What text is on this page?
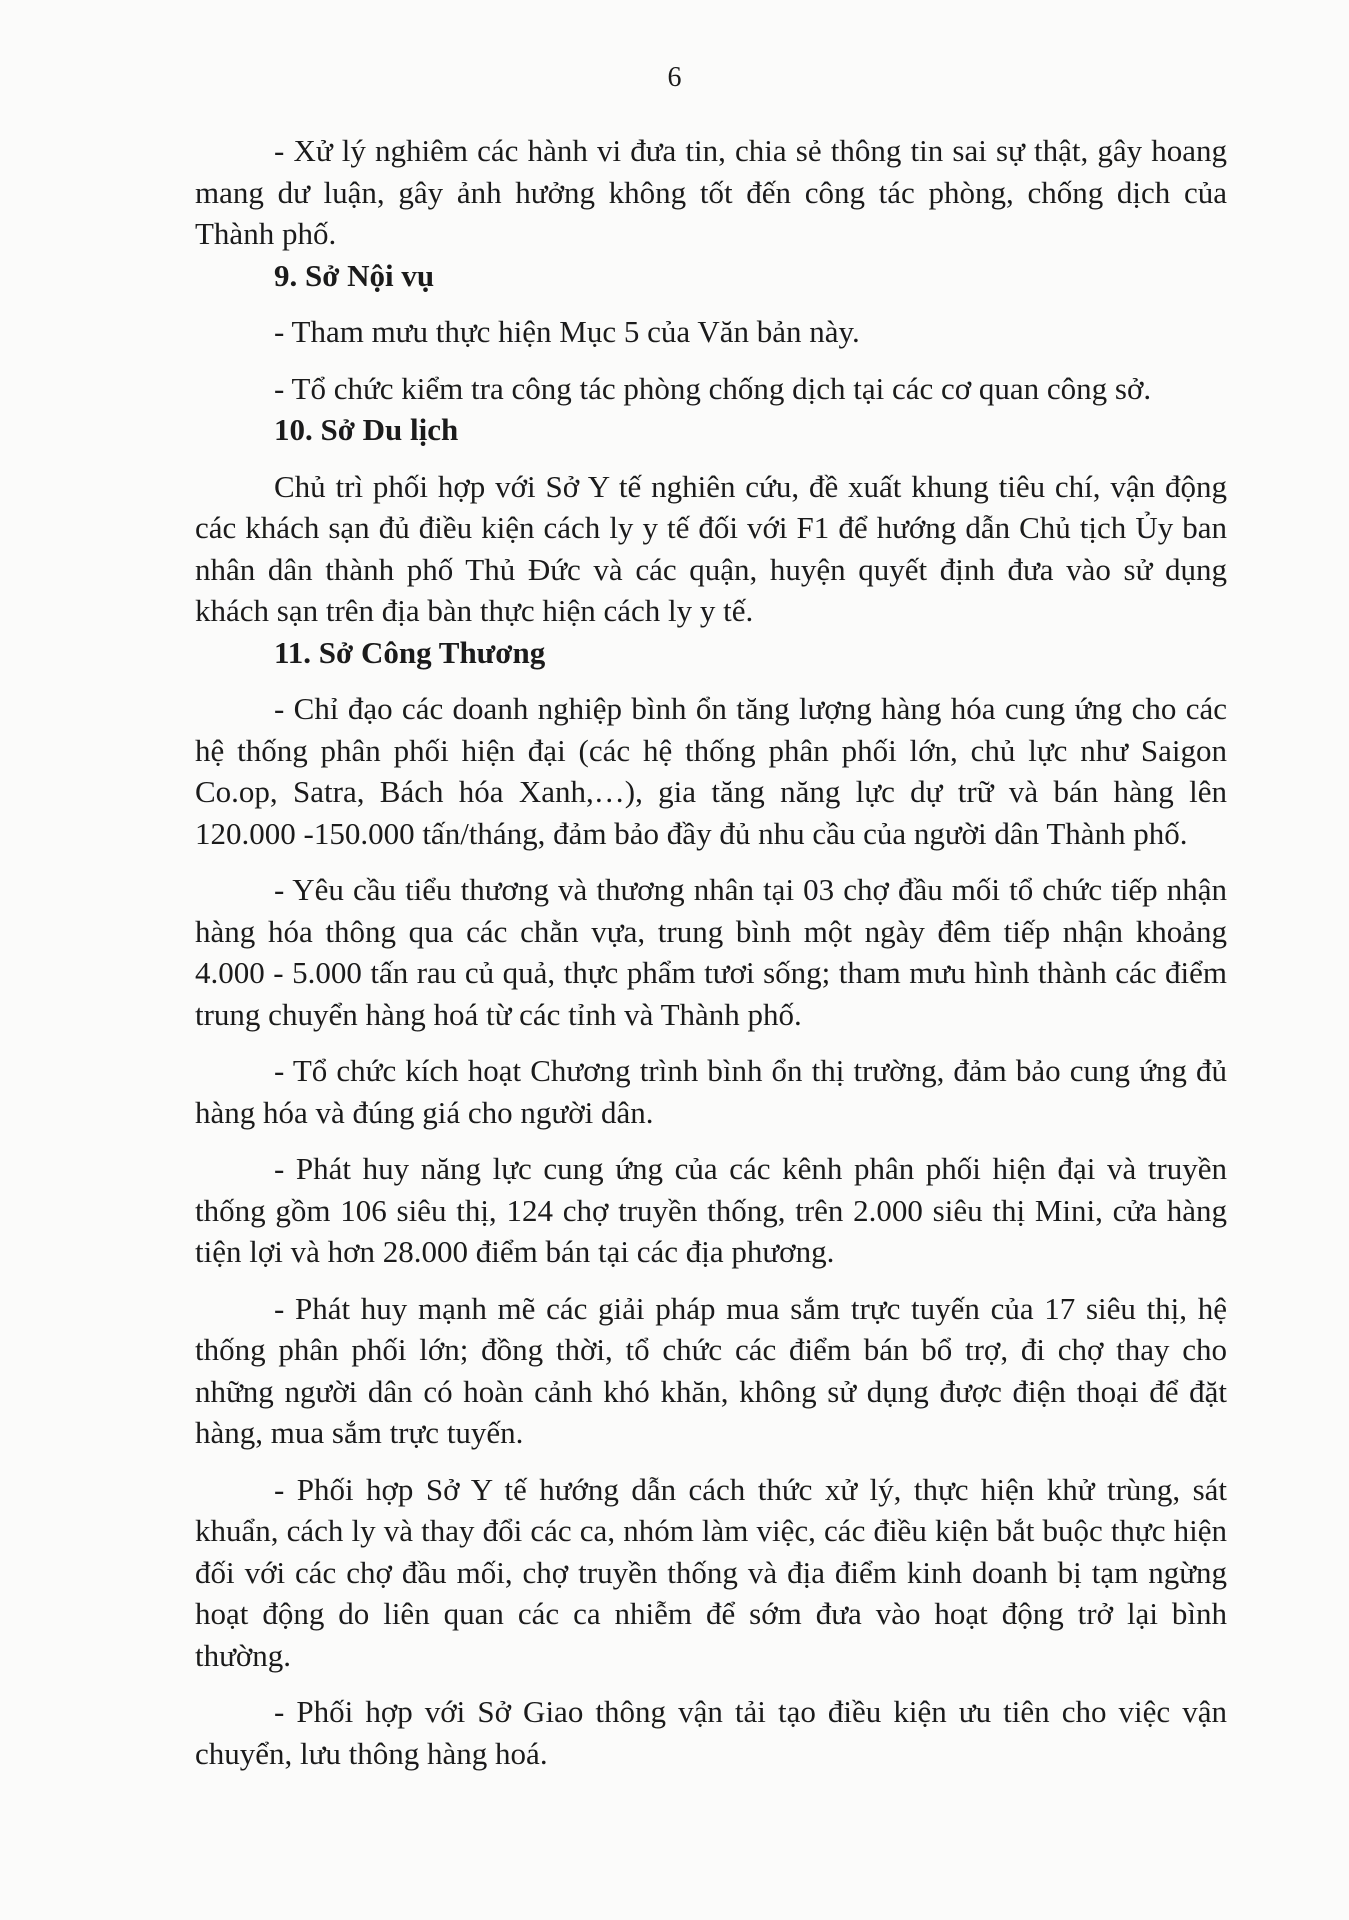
6

- Xử lý nghiêm các hành vi đưa tin, chia sẻ thông tin sai sự thật, gây hoang mang dư luận, gây ảnh hưởng không tốt đến công tác phòng, chống dịch của Thành phố.

9. Sở Nội vụ

- Tham mưu thực hiện Mục 5 của Văn bản này.

- Tổ chức kiểm tra công tác phòng chống dịch tại các cơ quan công sở.

10. Sở Du lịch

Chủ trì phối hợp với Sở Y tế nghiên cứu, đề xuất khung tiêu chí, vận động các khách sạn đủ điều kiện cách ly y tế đối với F1 để hướng dẫn Chủ tịch Ủy ban nhân dân thành phố Thủ Đức và các quận, huyện quyết định đưa vào sử dụng khách sạn trên địa bàn thực hiện cách ly y tế.

11. Sở Công Thương

- Chỉ đạo các doanh nghiệp bình ổn tăng lượng hàng hóa cung ứng cho các hệ thống phân phối hiện đại (các hệ thống phân phối lớn, chủ lực như Saigon Co.op, Satra, Bách hóa Xanh,…), gia tăng năng lực dự trữ và bán hàng lên 120.000 -150.000 tấn/tháng, đảm bảo đầy đủ nhu cầu của người dân Thành phố.

- Yêu cầu tiểu thương và thương nhân tại 03 chợ đầu mối tổ chức tiếp nhận hàng hóa thông qua các chằn vựa, trung bình một ngày đêm tiếp nhận khoảng 4.000 - 5.000 tấn rau củ quả, thực phẩm tươi sống; tham mưu hình thành các điểm trung chuyển hàng hoá từ các tỉnh và Thành phố.

- Tổ chức kích hoạt Chương trình bình ổn thị trường, đảm bảo cung ứng đủ hàng hóa và đúng giá cho người dân.

- Phát huy năng lực cung ứng của các kênh phân phối hiện đại và truyền thống gồm 106 siêu thị, 124 chợ truyền thống, trên 2.000 siêu thị Mini, cửa hàng tiện lợi và hơn 28.000 điểm bán tại các địa phương.

- Phát huy mạnh mẽ các giải pháp mua sắm trực tuyến của 17 siêu thị, hệ thống phân phối lớn; đồng thời, tổ chức các điểm bán bổ trợ, đi chợ thay cho những người dân có hoàn cảnh khó khăn, không sử dụng được điện thoại để đặt hàng, mua sắm trực tuyến.

- Phối hợp Sở Y tế hướng dẫn cách thức xử lý, thực hiện khử trùng, sát khuẩn, cách ly và thay đổi các ca, nhóm làm việc, các điều kiện bắt buộc thực hiện đối với các chợ đầu mối, chợ truyền thống và địa điểm kinh doanh bị tạm ngừng hoạt động do liên quan các ca nhiễm để sớm đưa vào hoạt động trở lại bình thường.

- Phối hợp với Sở Giao thông vận tải tạo điều kiện ưu tiên cho việc vận chuyển, lưu thông hàng hoá.
